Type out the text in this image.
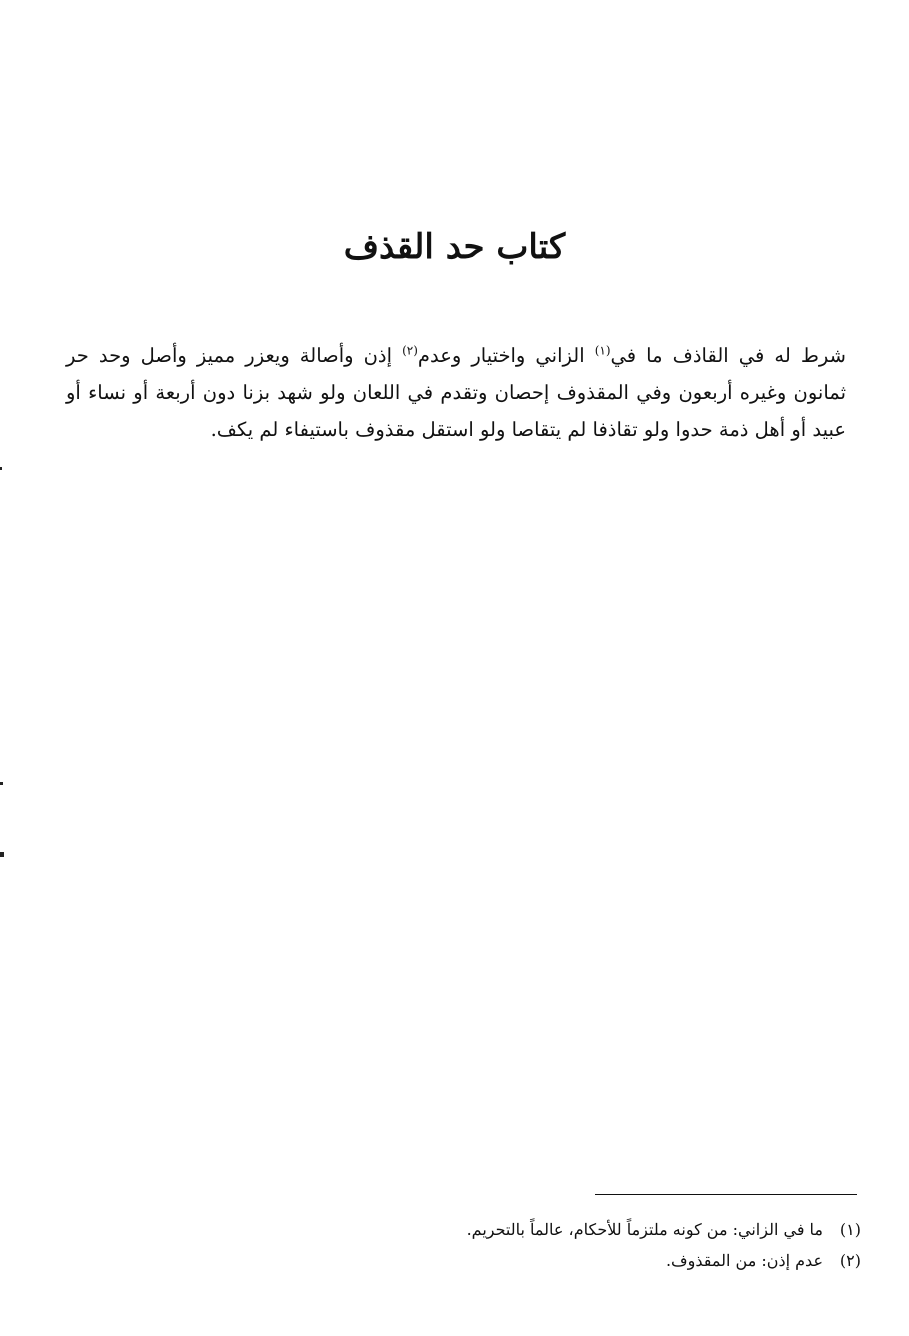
كتاب حد القذف

شرط له في القاذف ما في$^{(١)}$ الزاني واختيار وعدم$^{(٢)}$ إذن وأصالة ويعزر مميز وأصل وحد حر ثمانون وغيره أربعون وفي المقذوف إحصان وتقدم في اللعان ولو شهد بزنا دون أربعة أو نساء أو عبيد أو أهل ذمة حدوا ولو تقاذفا لم يتقاصا ولو استقل مقذوف باستيفاء لم يكف.

(١)
ما في الزاني: من كونه ملتزماً للأحكام، عالماً بالتحريم.
(٢)
عدم إذن: من المقذوف.
